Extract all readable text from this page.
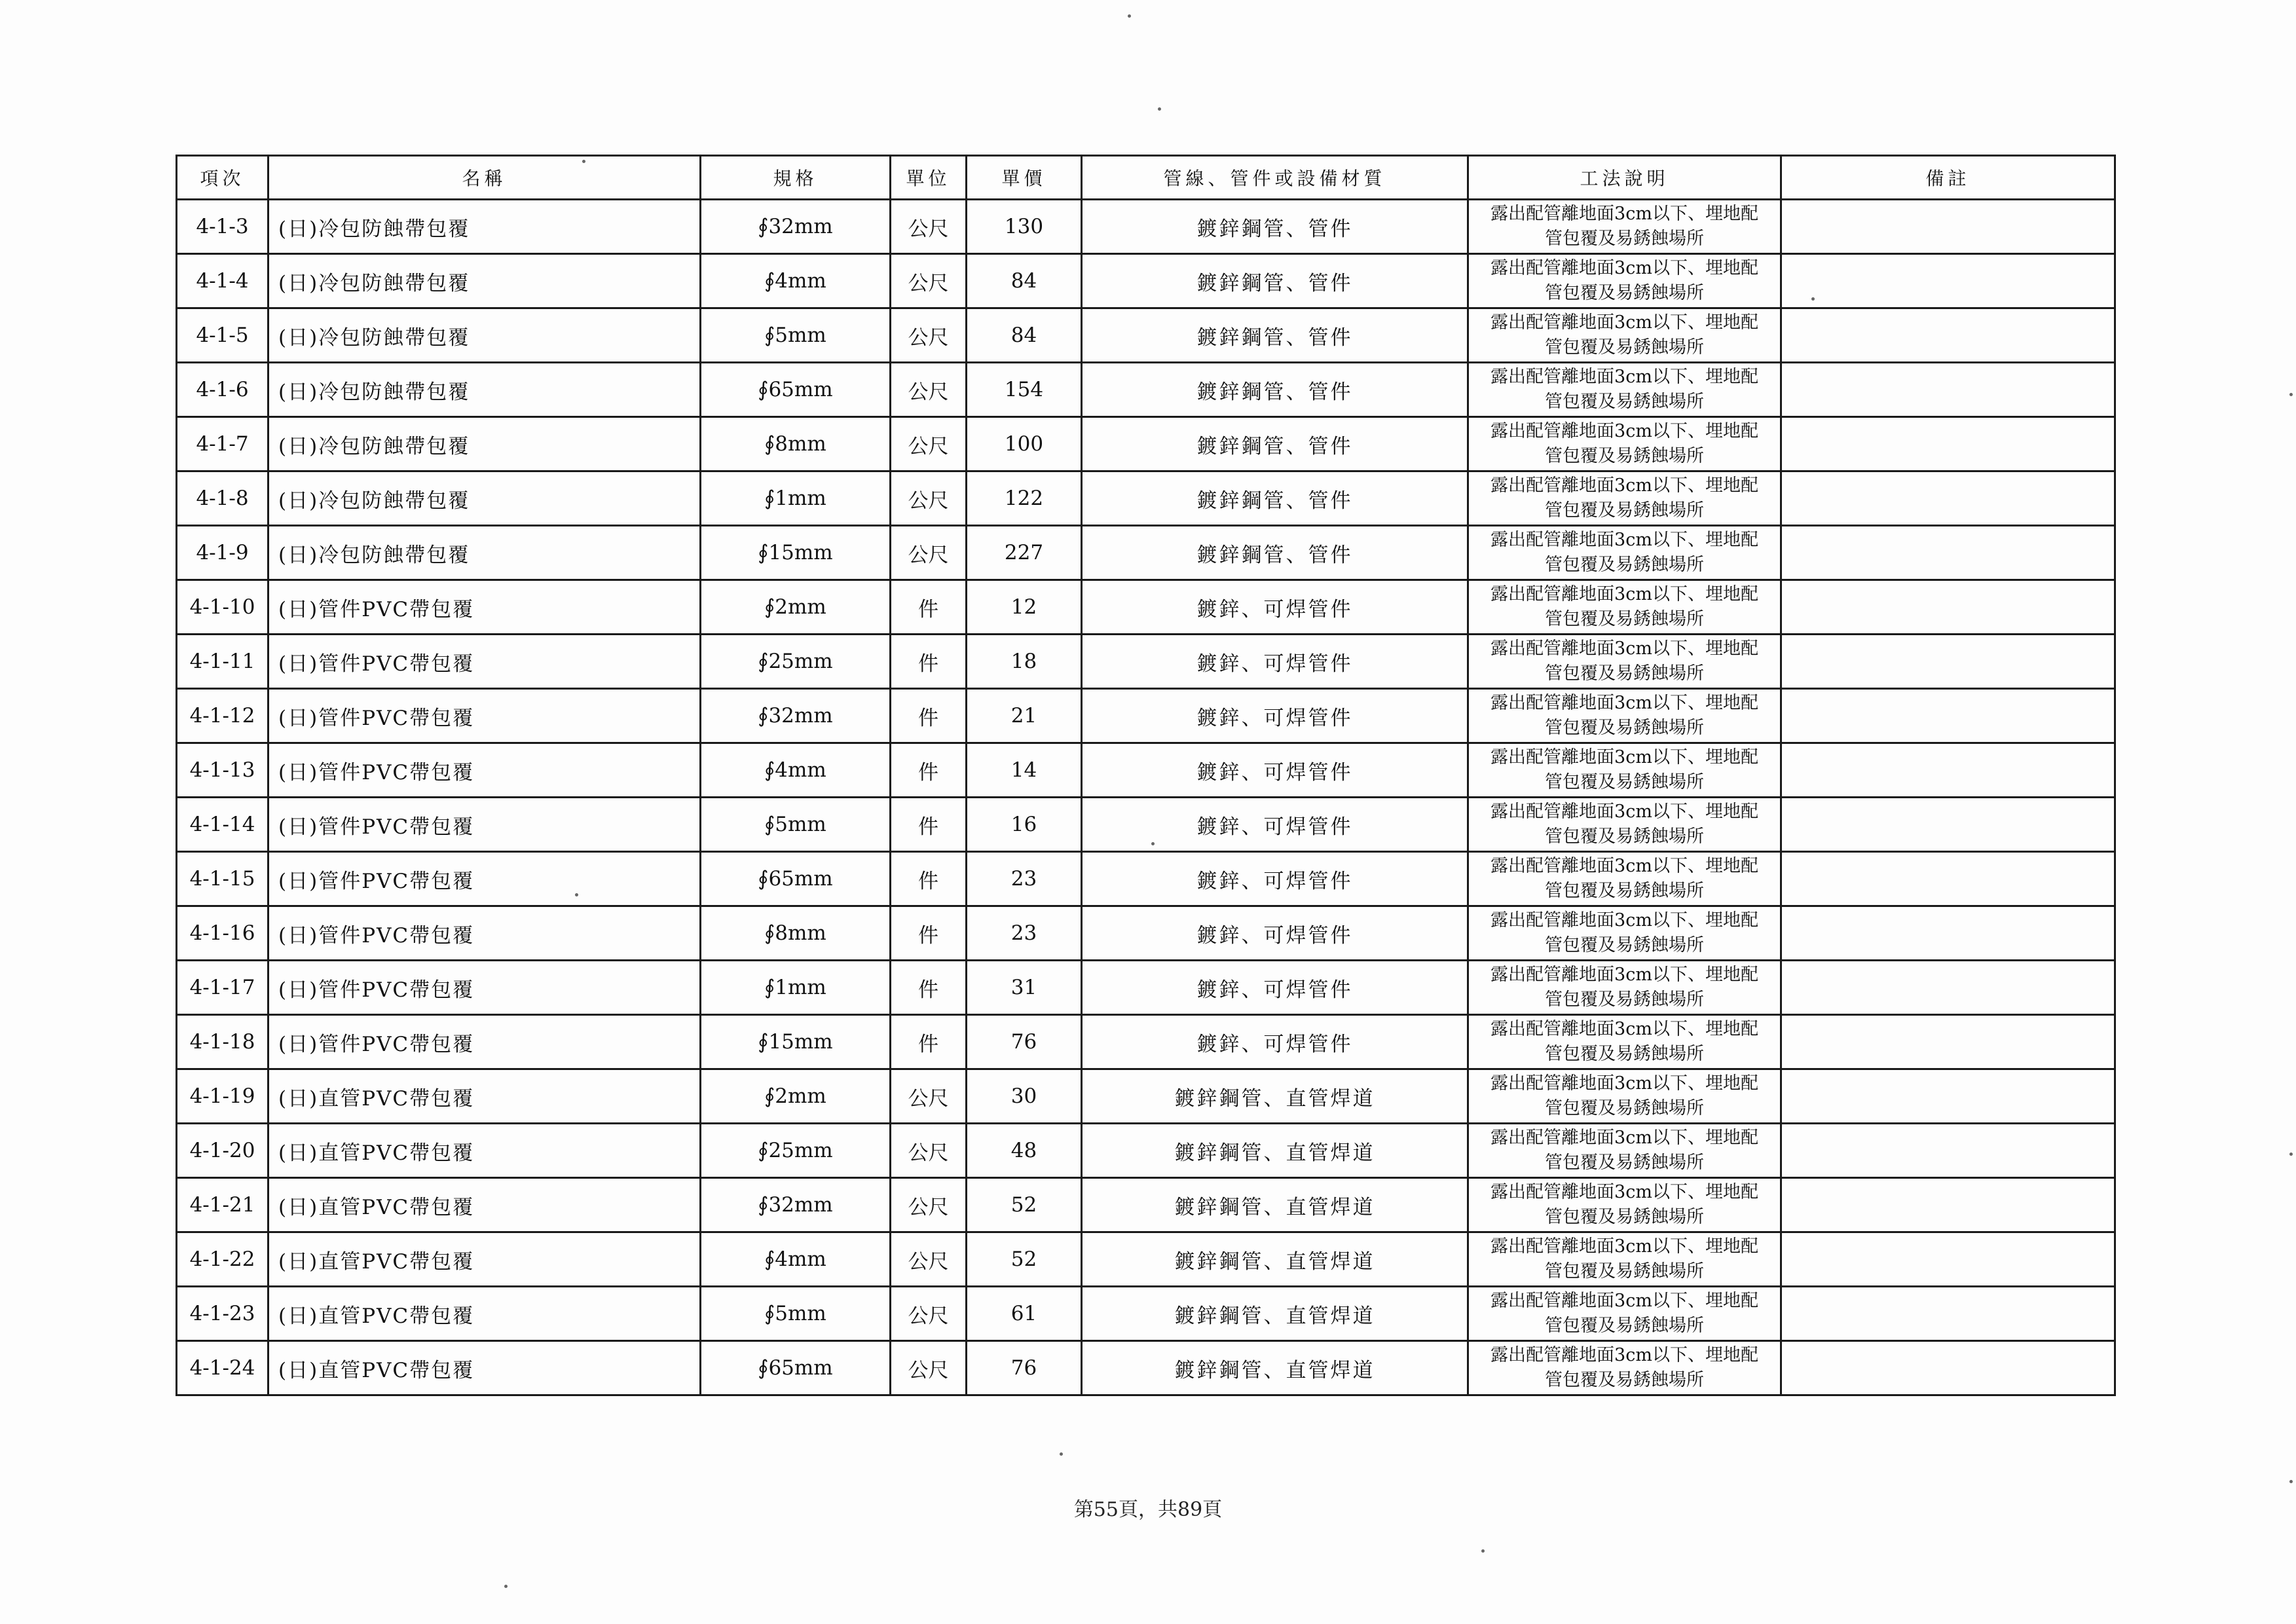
項次	名稱	規格	單位	單價	管線、管件或設備材質	工法說明	備註
4-1-3	(日)冷包防蝕帶包覆	∮32mm	公尺	130	鍍鋅鋼管、管件	露出配管離地面3cm以下、埋地配
管包覆及易銹蝕場所	

4-1-4	(日)冷包防蝕帶包覆	∮4mm	公尺	84	鍍鋅鋼管、管件	露出配管離地面3cm以下、埋地配
管包覆及易銹蝕場所	

4-1-5	(日)冷包防蝕帶包覆	∮5mm	公尺	84	鍍鋅鋼管、管件	露出配管離地面3cm以下、埋地配
管包覆及易銹蝕場所	

4-1-6	(日)冷包防蝕帶包覆	∮65mm	公尺	154	鍍鋅鋼管、管件	露出配管離地面3cm以下、埋地配
管包覆及易銹蝕場所	

4-1-7	(日)冷包防蝕帶包覆	∮8mm	公尺	100	鍍鋅鋼管、管件	露出配管離地面3cm以下、埋地配
管包覆及易銹蝕場所	

4-1-8	(日)冷包防蝕帶包覆	∮1mm	公尺	122	鍍鋅鋼管、管件	露出配管離地面3cm以下、埋地配
管包覆及易銹蝕場所	

4-1-9	(日)冷包防蝕帶包覆	∮15mm	公尺	227	鍍鋅鋼管、管件	露出配管離地面3cm以下、埋地配
管包覆及易銹蝕場所	

4-1-10	(日)管件PVC帶包覆	∮2mm	件	12	鍍鋅、可焊管件	露出配管離地面3cm以下、埋地配
管包覆及易銹蝕場所	

4-1-11	(日)管件PVC帶包覆	∮25mm	件	18	鍍鋅、可焊管件	露出配管離地面3cm以下、埋地配
管包覆及易銹蝕場所	

4-1-12	(日)管件PVC帶包覆	∮32mm	件	21	鍍鋅、可焊管件	露出配管離地面3cm以下、埋地配
管包覆及易銹蝕場所	

4-1-13	(日)管件PVC帶包覆	∮4mm	件	14	鍍鋅、可焊管件	露出配管離地面3cm以下、埋地配
管包覆及易銹蝕場所	

4-1-14	(日)管件PVC帶包覆	∮5mm	件	16	鍍鋅、可焊管件	露出配管離地面3cm以下、埋地配
管包覆及易銹蝕場所	

4-1-15	(日)管件PVC帶包覆	∮65mm	件	23	鍍鋅、可焊管件	露出配管離地面3cm以下、埋地配
管包覆及易銹蝕場所	

4-1-16	(日)管件PVC帶包覆	∮8mm	件	23	鍍鋅、可焊管件	露出配管離地面3cm以下、埋地配
管包覆及易銹蝕場所	

4-1-17	(日)管件PVC帶包覆	∮1mm	件	31	鍍鋅、可焊管件	露出配管離地面3cm以下、埋地配
管包覆及易銹蝕場所	

4-1-18	(日)管件PVC帶包覆	∮15mm	件	76	鍍鋅、可焊管件	露出配管離地面3cm以下、埋地配
管包覆及易銹蝕場所	

4-1-19	(日)直管PVC帶包覆	∮2mm	公尺	30	鍍鋅鋼管、直管焊道	露出配管離地面3cm以下、埋地配
管包覆及易銹蝕場所	

4-1-20	(日)直管PVC帶包覆	∮25mm	公尺	48	鍍鋅鋼管、直管焊道	露出配管離地面3cm以下、埋地配
管包覆及易銹蝕場所	

4-1-21	(日)直管PVC帶包覆	∮32mm	公尺	52	鍍鋅鋼管、直管焊道	露出配管離地面3cm以下、埋地配
管包覆及易銹蝕場所	

4-1-22	(日)直管PVC帶包覆	∮4mm	公尺	52	鍍鋅鋼管、直管焊道	露出配管離地面3cm以下、埋地配
管包覆及易銹蝕場所	

4-1-23	(日)直管PVC帶包覆	∮5mm	公尺	61	鍍鋅鋼管、直管焊道	露出配管離地面3cm以下、埋地配
管包覆及易銹蝕場所	

4-1-24	(日)直管PVC帶包覆	∮65mm	公尺	76	鍍鋅鋼管、直管焊道	露出配管離地面3cm以下、埋地配
管包覆及易銹蝕場所	

第55頁，共89頁
